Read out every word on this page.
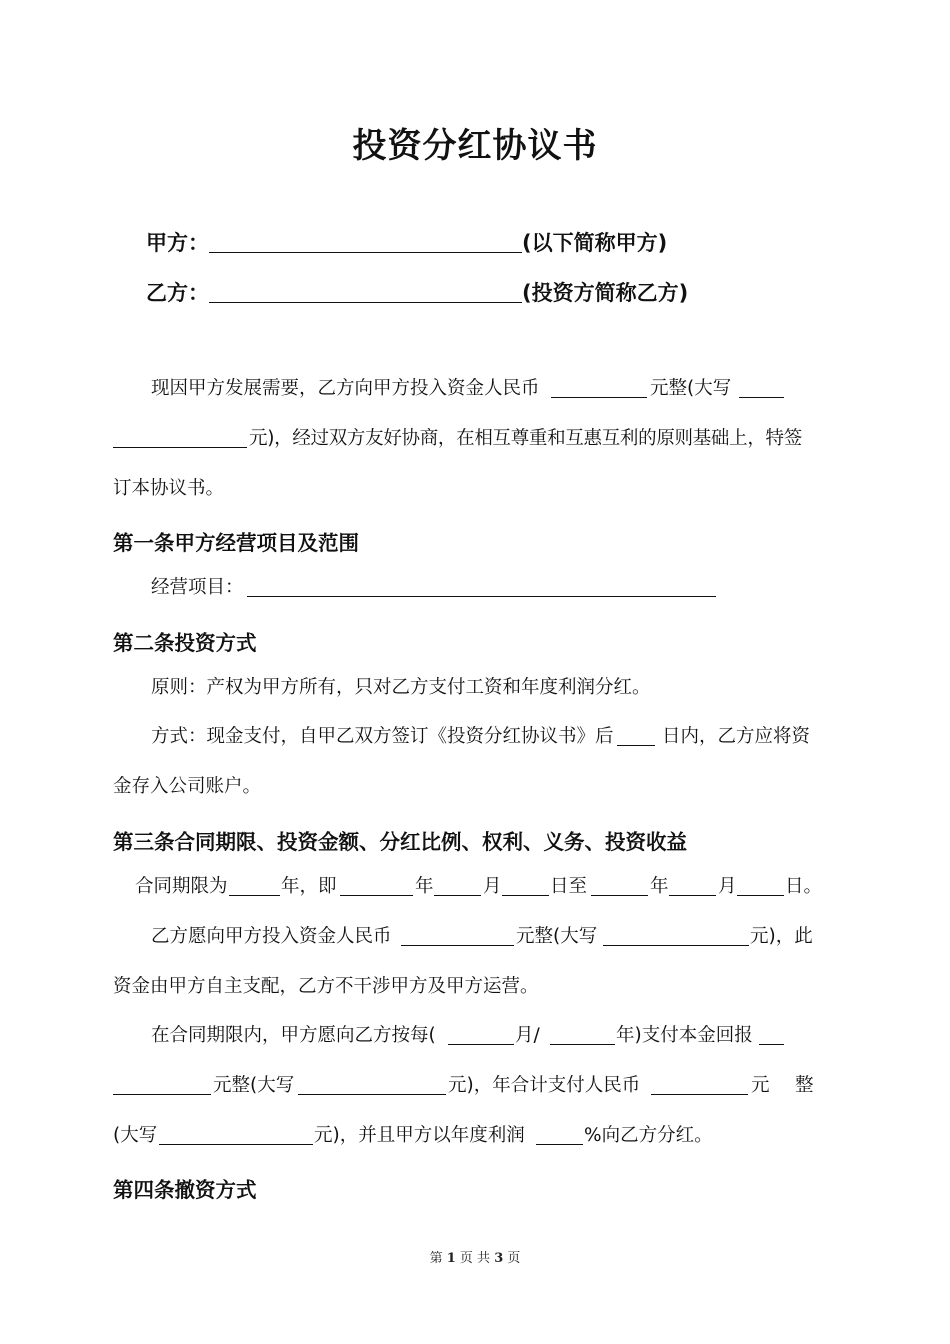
投资分红协议书
甲方：	(以下简称甲方)
乙方：	(投资方简称乙方)
现因甲方发展需要，乙方向甲方投入资金人民币	元整(大写
元)，经过双方友好协商，在相互尊重和互惠互利的原则基础上，特签
订本协议书。
第一条甲方经营项目及范围
经营项目：
第二条投资方式
原则：产权为甲方所有，只对乙方支付工资和年度利润分红。
方式：现金支付，自甲乙双方签订《投资分红协议书》后	日内，乙方应将资
金存入公司账户。
第三条合同期限、投资金额、分红比例、权利、义务、投资收益
合同期限为	年，即	年	月	日至	年	月	日。
乙方愿向甲方投入资金人民币	元整(大写	元)，此
资金由甲方自主支配，乙方不干涉甲方及甲方运营。
在合同期限内，甲方愿向乙方按每(	月/	年)支付本金回报
元整(大写	元)，年合计支付人民币	元 整
(大写	元)，并且甲方以年度利润	%向乙方分红。
第四条撤资方式
第 1 页 共 3 页
